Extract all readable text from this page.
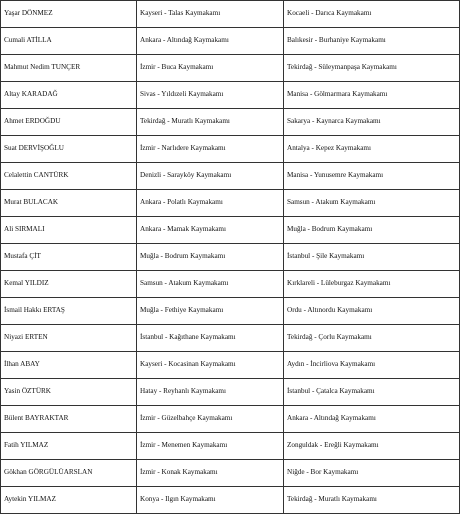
Yaşar DÖNMEZ	Kayseri - Talas Kaymakamı	Kocaeli - Darıca Kaymakamı
Cumali ATİLLA	Ankara - Altındağ Kaymakamı	Balıkesir - Burhaniye Kaymakamı
Mahmut Nedim TUNÇER	İzmir - Buca Kaymakamı	Tekirdağ - Süleymanpaşa Kaymakamı
Altay KARADAĞ	Sivas - Yıldızeli Kaymakamı	Manisa - Gölmarmara Kaymakamı
Ahmet ERDOĞDU	Tekirdağ - Muratlı Kaymakamı	Sakarya - Kaynarca Kaymakamı
Suat DERVİŞOĞLU	İzmir - Narlıdere Kaymakamı	Antalya - Kepez Kaymakamı
Celalettin CANTÜRK	Denizli - Sarayköy Kaymakamı	Manisa - Yunusemre Kaymakamı
Murat BULACAK	Ankara - Polatlı Kaymakamı	Samsun - Atakum Kaymakamı
Ali SIRMALI	Ankara - Mamak Kaymakamı	Muğla - Bodrum Kaymakamı
Mustafa ÇİT	Muğla - Bodrum Kaymakamı	İstanbul - Şile Kaymakamı
Kemal YILDIZ	Samsun - Atakum Kaymakamı	Kırklareli - Lüleburgaz Kaymakamı
İsmail Hakkı ERTAŞ	Muğla - Fethiye Kaymakamı	Ordu - Altınordu Kaymakamı
Niyazi ERTEN	İstanbul - Kağıthane Kaymakamı	Tekirdağ - Çorlu Kaymakamı
İlhan ABAY	Kayseri - Kocasinan Kaymakamı	Aydın - İncirliova Kaymakamı
Yasin ÖZTÜRK	Hatay - Reyhanlı Kaymakamı	İstanbul - Çatalca Kaymakamı
Bülent BAYRAKTAR	İzmir - Güzelbahçe Kaymakamı	Ankara - Altındağ Kaymakamı
Fatih YILMAZ	İzmir - Menemen Kaymakamı	Zonguldak - Ereğli Kaymakamı
Gökhan GÖRGÜLÜARSLAN	İzmir - Konak Kaymakamı	Niğde - Bor Kaymakamı
Aytekin YILMAZ	Konya - Ilgın Kaymakamı	Tekirdağ - Muratlı Kaymakamı
